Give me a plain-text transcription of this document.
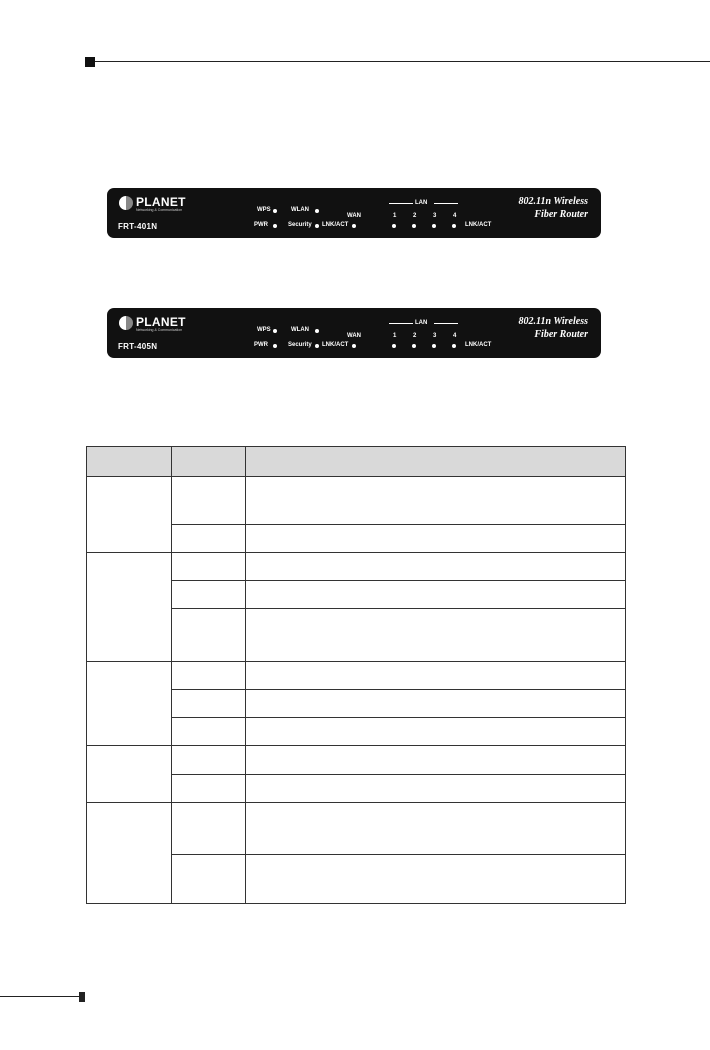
PLANET
Networking & Communication
FRT-401N
WPS
PWR
WLAN
Security
WAN
LNK/ACT
LAN
1	2	3	4
LNK/ACT
802.11n Wireless
Fiber Router
PLANET
Networking & Communication
FRT-405N
WPS
PWR
WLAN
Security
WAN
LNK/ACT
LAN
1	2	3	4
LNK/ACT
802.11n Wireless
Fiber Router
